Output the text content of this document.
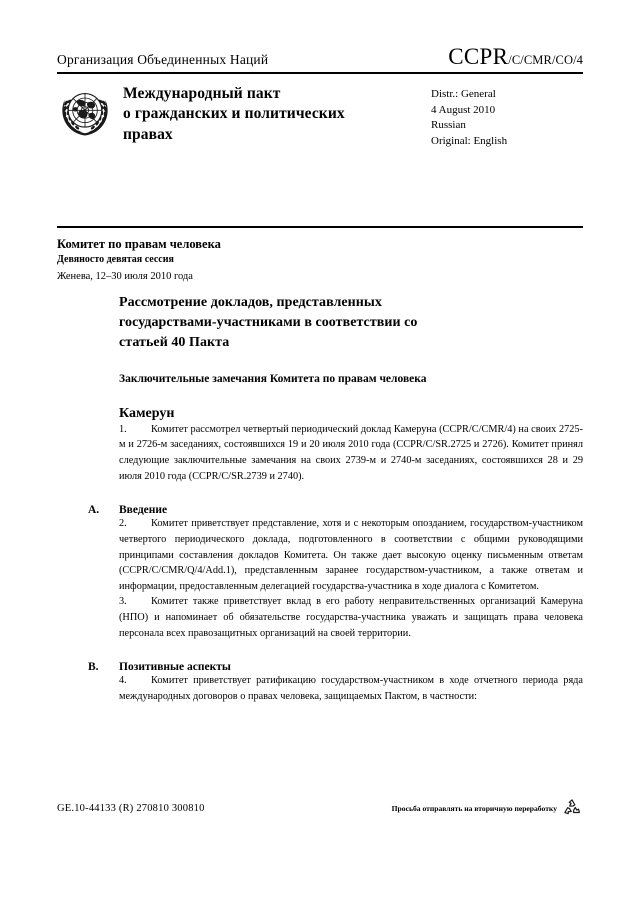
Организация Объединенных Наций	CCPR/C/CMR/CO/4
Международный пакт
о гражданских и политических
правах
Distr.: General
4 August 2010
Russian
Original: English
Комитет по правам человека
Девяносто девятая сессия
Женева, 12–30 июля 2010 года
Рассмотрение докладов, представленных
государствами-участниками в соответствии со
статьей 40 Пакта
Заключительные замечания Комитета по правам человека
Камерун

1. Комитет рассмотрел четвертый периодический доклад Камеруна (CCPR/C/CMR/4) на своих 2725-м и 2726-м заседаниях, состоявшихся 19 и 20 июля 2010 года (CCPR/C/SR.2725 и 2726). Комитет принял следующие заключительные замечания на своих 2739-м и 2740-м заседаниях, состоявшихся 28 и 29 июля 2010 года (CCPR/C/SR.2739 и 2740).

A.	Введение

2. Комитет приветствует представление, хотя и с некоторым опозданием, государством-участником четвертого периодического доклада, подготовленного в соответствии с общими руководящими принципами составления докладов Комитета. Он также дает высокую оценку письменным ответам (CCPR/C/CMR/Q/4/Add.1), представленным заранее государством-участником, а также ответам и информации, предоставленным делегацией государства-участника в ходе диалога с Комитетом.

3. Комитет также приветствует вклад в его работу неправительственных организаций Камеруна (НПО) и напоминает об обязательстве государства-участника уважать и защищать права человека персонала всех правозащитных организаций на своей территории.

B.	Позитивные аспекты

4. Комитет приветствует ратификацию государством-участником в ходе отчетного периода ряда международных договоров о правах человека, защищаемых Пактом, в частности:

GE.10-44133 (R) 270810 300810	Просьба отправлять на вторичную переработку
